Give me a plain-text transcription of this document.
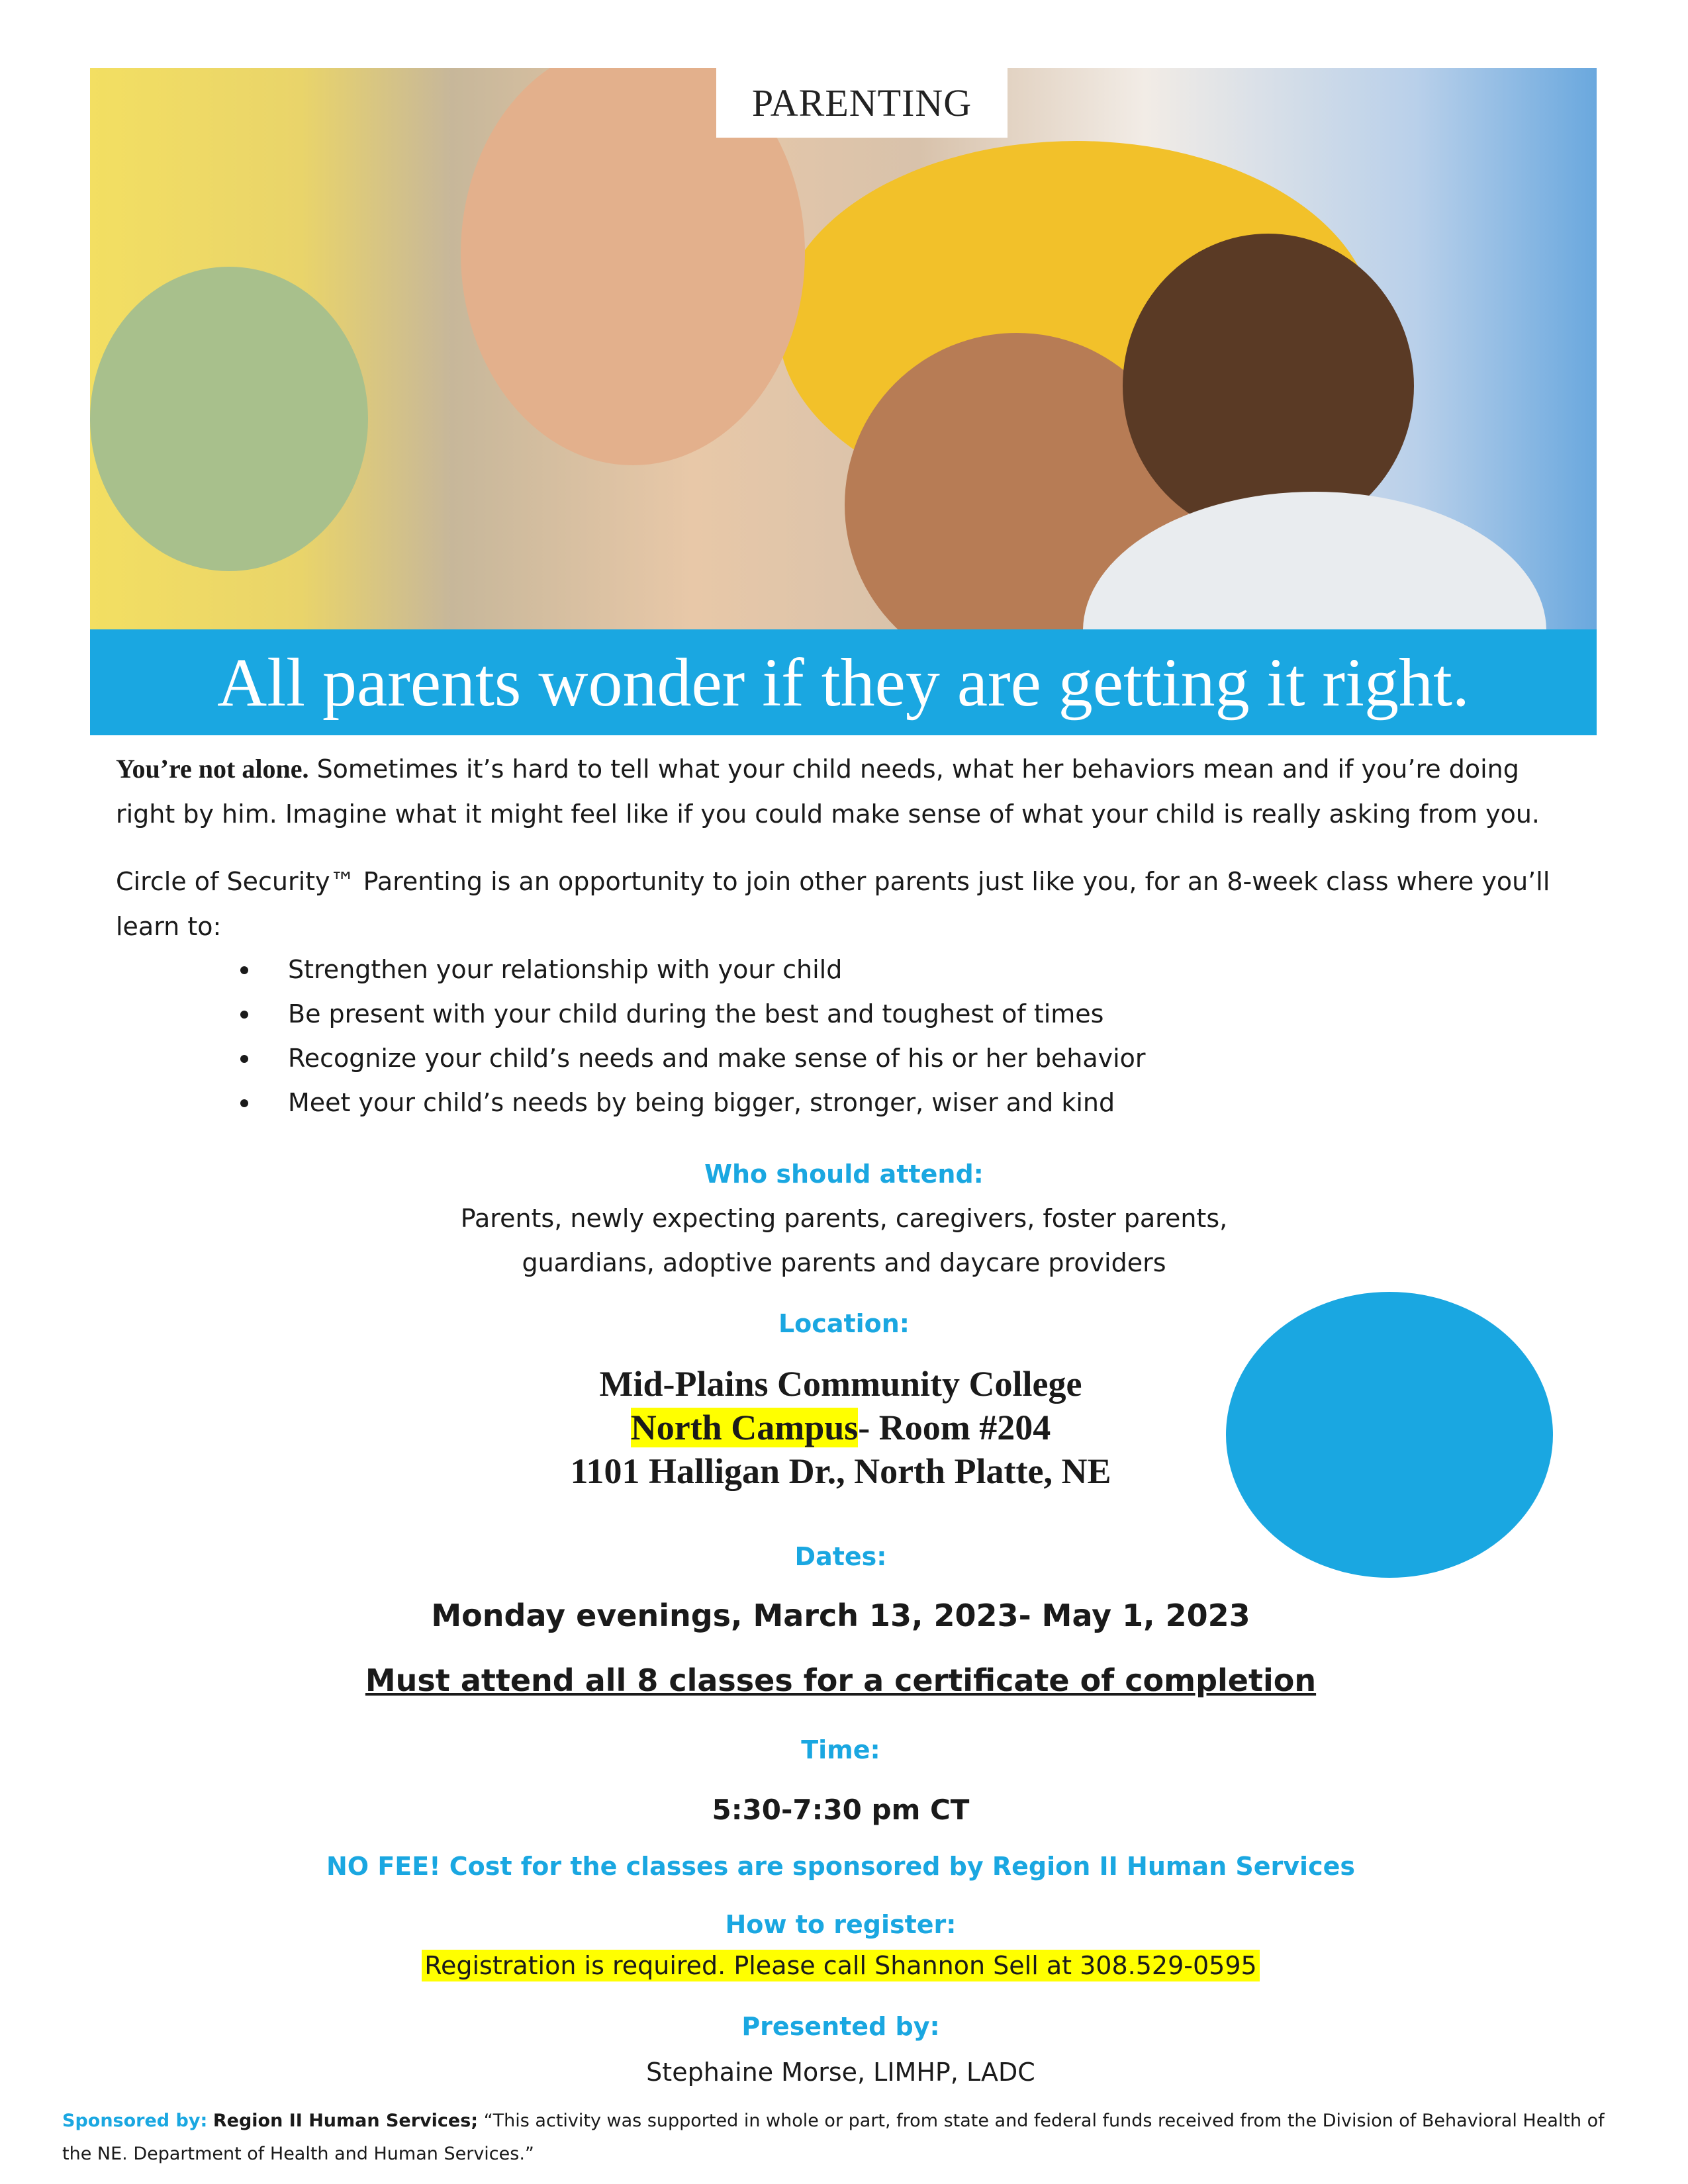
PARENTING
All parents wonder if they are getting it right.
You’re not alone. Sometimes it’s hard to tell what your child needs, what her behaviors mean and if you’re doing right by him. Imagine what it might feel like if you could make sense of what your child is really asking from you.
Circle of Security™ Parenting is an opportunity to join other parents just like you, for an 8-week class where you’ll learn to:
Strengthen your relationship with your child
Be present with your child during the best and toughest of times
Recognize your child’s needs and make sense of his or her behavior
Meet your child’s needs by being bigger, stronger, wiser and kind
Who should attend:
Parents, newly expecting parents, caregivers, foster parents,
guardians, adoptive parents and daycare providers
Location:
Mid-Plains Community College
North Campus- Room #204
1101 Halligan Dr., North Platte, NE
Dates:
Monday evenings, March 13, 2023- May 1, 2023
Must attend all 8 classes for a certificate of completion
Time:
5:30-7:30 pm CT
NO FEE! Cost for the classes are sponsored by Region II Human Services
How to register:
Registration is required. Please call Shannon Sell at 308.529-0595
Presented by:
Stephaine Morse, LIMHP, LADC
Sponsored by: Region II Human Services; “This activity was supported in whole or part, from state and federal funds received from the Division of Behavioral Health of the NE. Department of Health and Human Services.”
